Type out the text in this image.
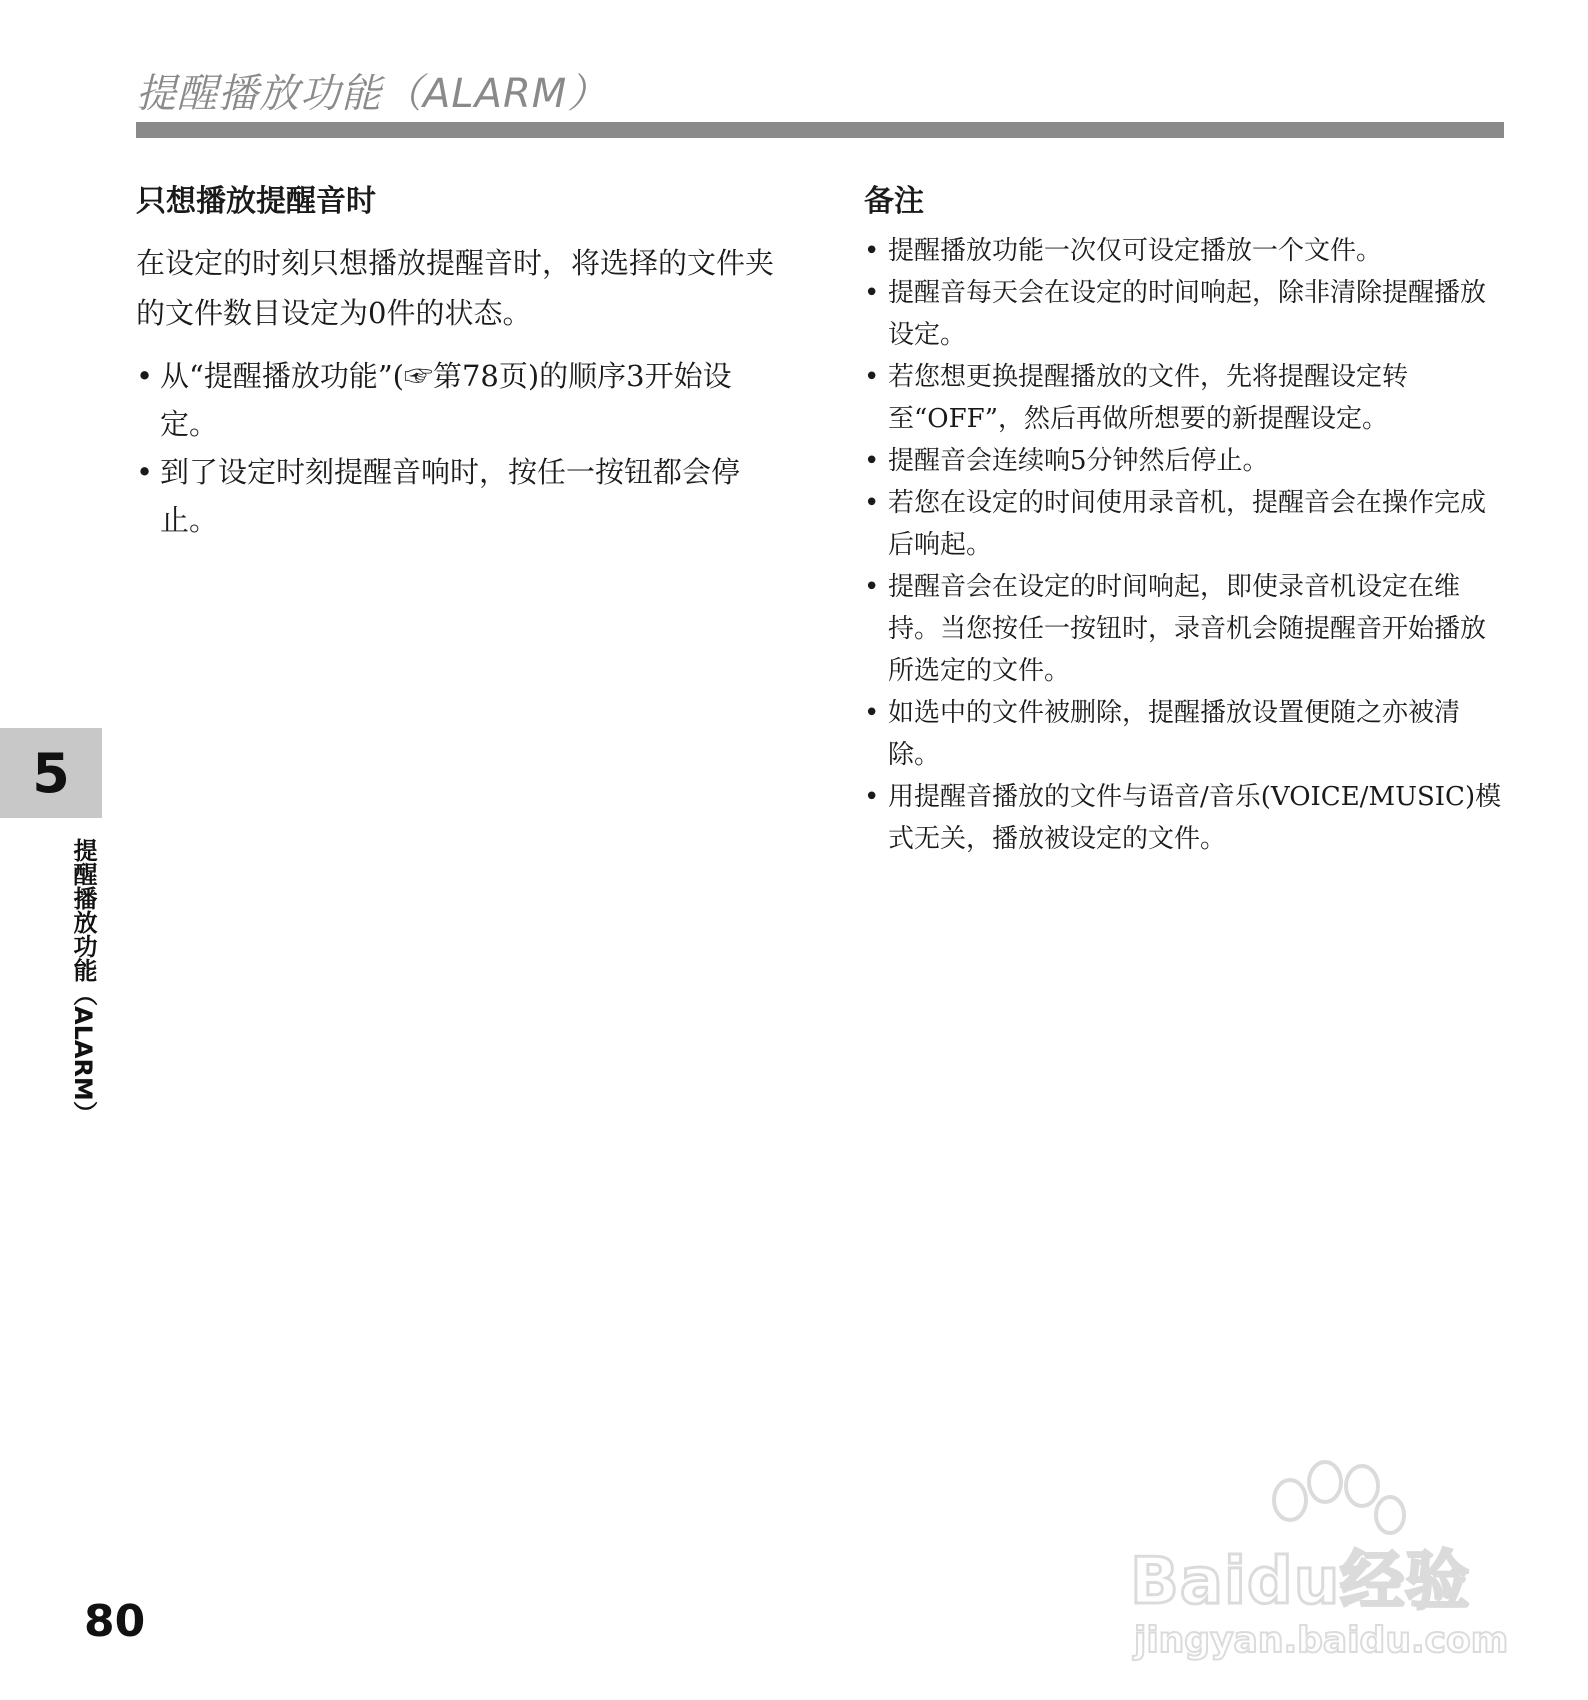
提醒播放功能（ALARM）
只想播放提醒音时

在设定的时刻只想播放提醒音时，将选择的文件夹的文件数目设定为0件的状态。

• 从“提醒播放功能”(☞第78页)的顺序3开始设定。
• 到了设定时刻提醒音响时，按任一按钮都会停止。
备注
• 提醒播放功能一次仅可设定播放一个文件。
• 提醒音每天会在设定的时间响起，除非清除提醒播放设定。
• 若您想更换提醒播放的文件，先将提醒设定转至“OFF”，然后再做所想要的新提醒设定。
• 提醒音会连续响5分钟然后停止。
• 若您在设定的时间使用录音机，提醒音会在操作完成后响起。
• 提醒音会在设定的时间响起，即使录音机设定在维持。当您按任一按钮时，录音机会随提醒音开始播放所选定的文件。
• 如选中的文件被删除，提醒播放设置便随之亦被清除。
• 用提醒音播放的文件与语音/音乐(VOICE/MUSIC)模式无关，播放被设定的文件。
5
提醒播放功能（ALARM）
80
Baidu经验
jingyan.baidu.com
